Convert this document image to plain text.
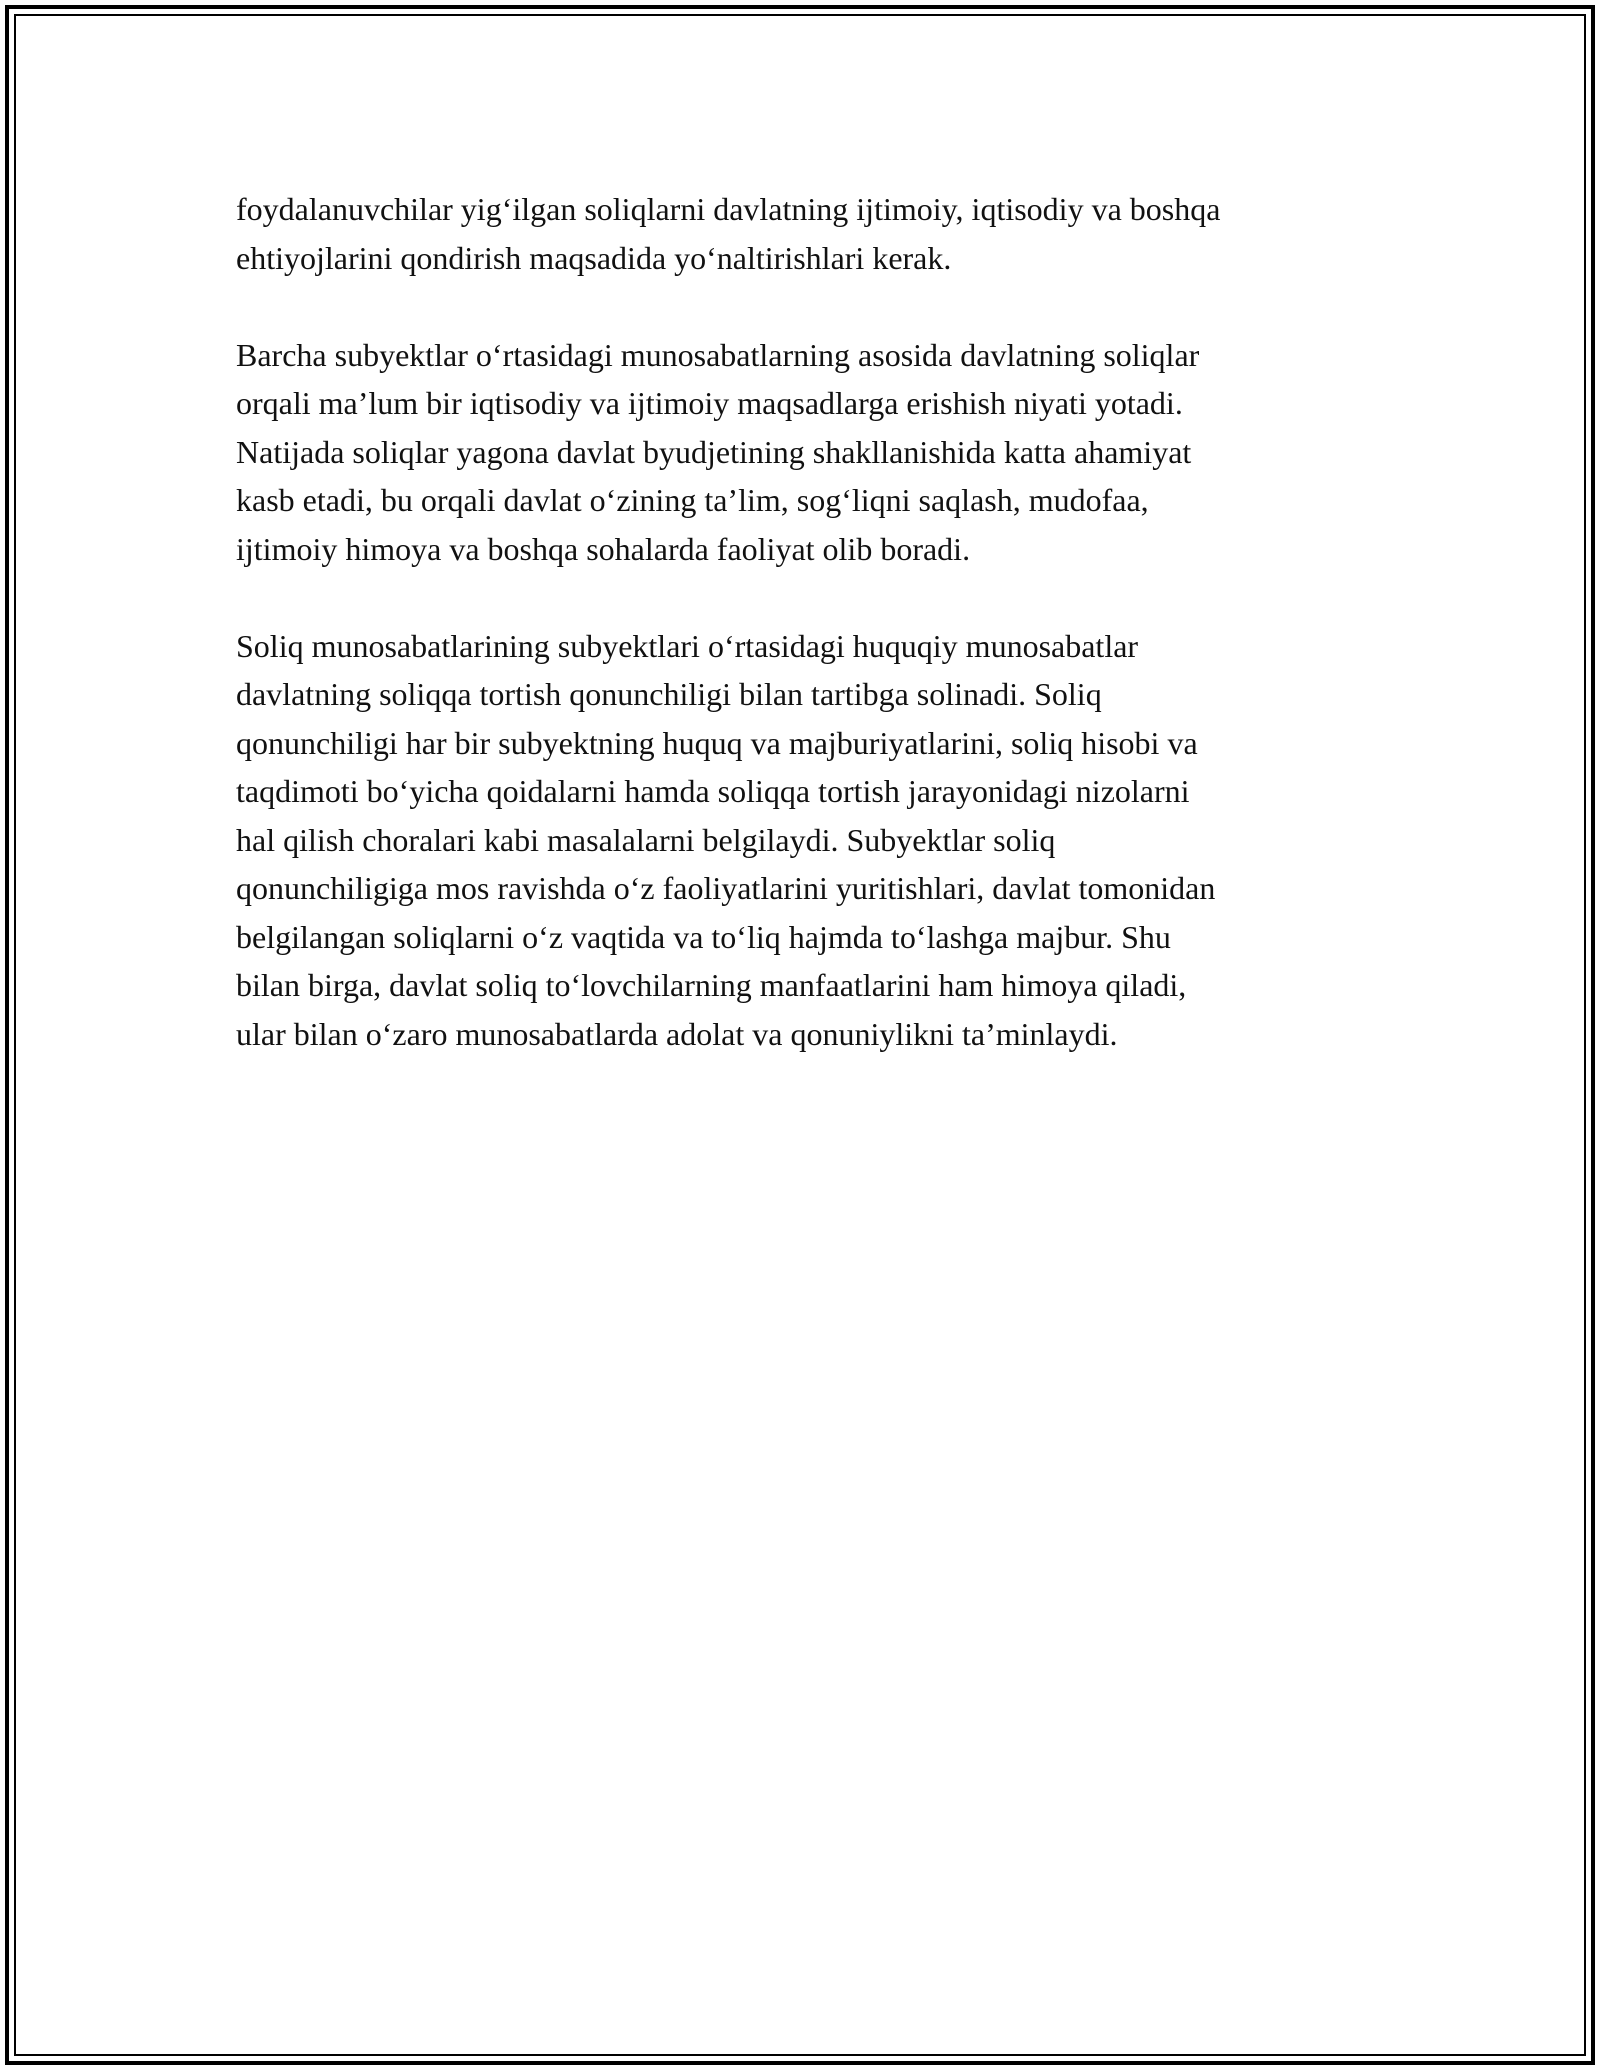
foydalanuvchilar yig‘ilgan soliqlarni davlatning ijtimoiy, iqtisodiy va boshqa
ehtiyojlarini qondirish maqsadida yo‘naltirishlari kerak.

Barcha subyektlar o‘rtasidagi munosabatlarning asosida davlatning soliqlar
orqali ma’lum bir iqtisodiy va ijtimoiy maqsadlarga erishish niyati yotadi.
Natijada soliqlar yagona davlat byudjetining shakllanishida katta ahamiyat
kasb etadi, bu orqali davlat o‘zining ta’lim, sog‘liqni saqlash, mudofaa,
ijtimoiy himoya va boshqa sohalarda faoliyat olib boradi.

Soliq munosabatlarining subyektlari o‘rtasidagi huquqiy munosabatlar
davlatning soliqqa tortish qonunchiligi bilan tartibga solinadi. Soliq
qonunchiligi har bir subyektning huquq va majburiyatlarini, soliq hisobi va
taqdimoti bo‘yicha qoidalarni hamda soliqqa tortish jarayonidagi nizolarni
hal qilish choralari kabi masalalarni belgilaydi. Subyektlar soliq
qonunchiligiga mos ravishda o‘z faoliyatlarini yuritishlari, davlat tomonidan
belgilangan soliqlarni o‘z vaqtida va to‘liq hajmda to‘lashga majbur. Shu
bilan birga, davlat soliq to‘lovchilarning manfaatlarini ham himoya qiladi,
ular bilan o‘zaro munosabatlarda adolat va qonuniylikni ta’minlaydi.
